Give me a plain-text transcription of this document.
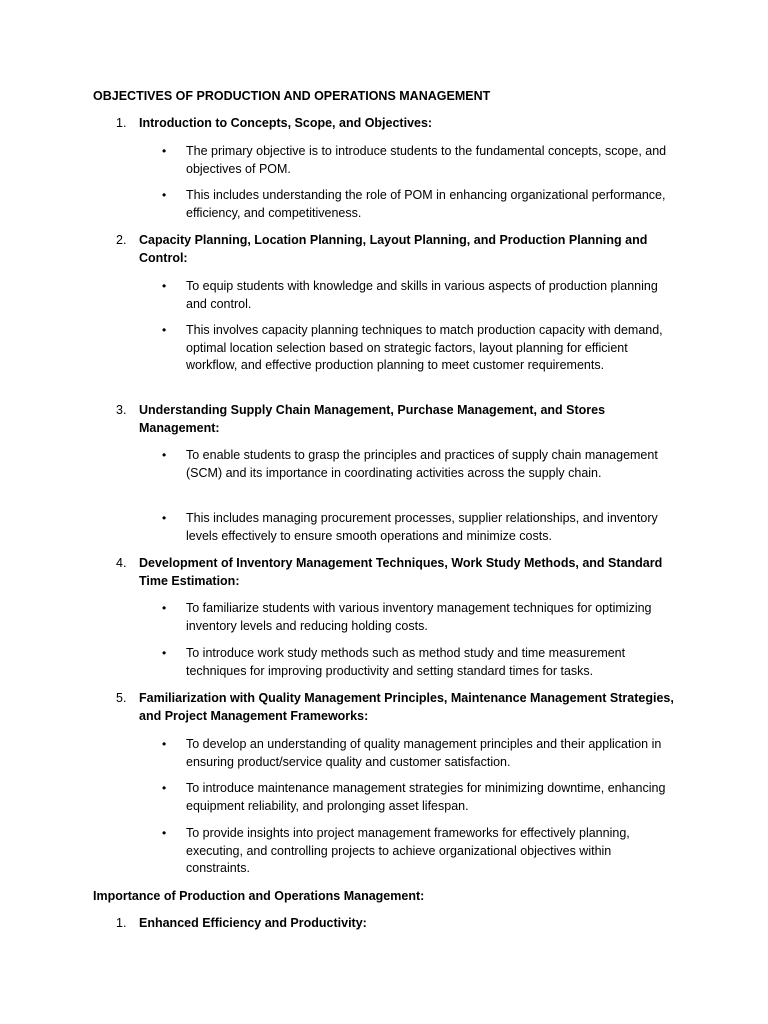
OBJECTIVES OF PRODUCTION AND OPERATIONS MANAGEMENT
1. Introduction to Concepts, Scope, and Objectives:
• The primary objective is to introduce students to the fundamental concepts, scope, and objectives of POM.
• This includes understanding the role of POM in enhancing organizational performance, efficiency, and competitiveness.
2. Capacity Planning, Location Planning, Layout Planning, and Production Planning and Control:
• To equip students with knowledge and skills in various aspects of production planning and control.
• This involves capacity planning techniques to match production capacity with demand, optimal location selection based on strategic factors, layout planning for efficient workflow, and effective production planning to meet customer requirements.
3. Understanding Supply Chain Management, Purchase Management, and Stores Management:
• To enable students to grasp the principles and practices of supply chain management (SCM) and its importance in coordinating activities across the supply chain.
• This includes managing procurement processes, supplier relationships, and inventory levels effectively to ensure smooth operations and minimize costs.
4. Development of Inventory Management Techniques, Work Study Methods, and Standard Time Estimation:
• To familiarize students with various inventory management techniques for optimizing inventory levels and reducing holding costs.
• To introduce work study methods such as method study and time measurement techniques for improving productivity and setting standard times for tasks.
5. Familiarization with Quality Management Principles, Maintenance Management Strategies, and Project Management Frameworks:
• To develop an understanding of quality management principles and their application in ensuring product/service quality and customer satisfaction.
• To introduce maintenance management strategies for minimizing downtime, enhancing equipment reliability, and prolonging asset lifespan.
• To provide insights into project management frameworks for effectively planning, executing, and controlling projects to achieve organizational objectives within constraints.
Importance of Production and Operations Management:
1. Enhanced Efficiency and Productivity:
